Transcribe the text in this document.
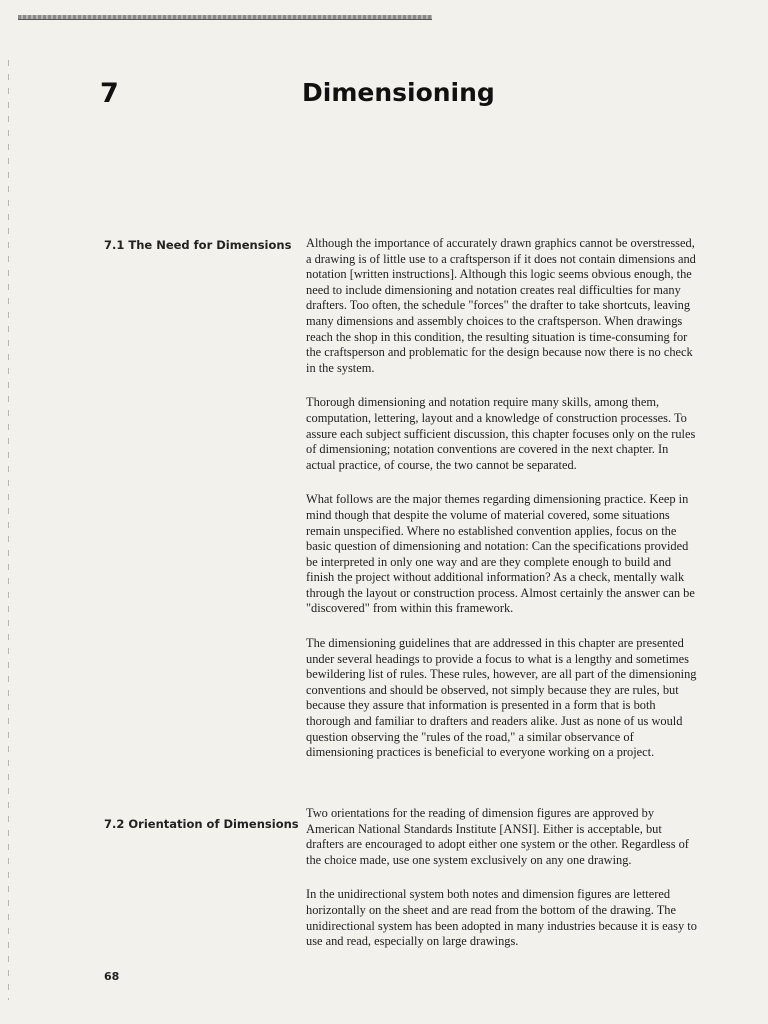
7	Dimensioning
7.1 The Need for Dimensions Although the importance of accurately drawn graphics cannot be overstressed, a drawing is of little use to a craftsperson if it does not contain dimensions and notation [written instructions]. Although this logic seems obvious enough, the need to include dimensioning and notation creates real difficulties for many drafters. Too often, the schedule "forces" the drafter to take shortcuts, leaving many dimensions and assembly choices to the craftsperson. When drawings reach the shop in this condition, the resulting situation is time-consuming for the craftsperson and problematic for the design because now there is no check in the system.

Thorough dimensioning and notation require many skills, among them, computation, lettering, layout and a knowledge of construction processes. To assure each subject sufficient discussion, this chapter focuses only on the rules of dimensioning; notation conventions are covered in the next chapter. In actual practice, of course, the two cannot be separated.

What follows are the major themes regarding dimensioning practice. Keep in mind though that despite the volume of material covered, some situations remain unspecified. Where no established convention applies, focus on the basic question of dimensioning and notation: Can the specifications provided be interpreted in only one way and are they complete enough to build and finish the project without additional information? As a check, mentally walk through the layout or construction process. Almost certainly the answer can be "discovered" from within this framework.

The dimensioning guidelines that are addressed in this chapter are presented under several headings to provide a focus to what is a lengthy and sometimes bewildering list of rules. These rules, however, are all part of the dimensioning conventions and should be observed, not simply because they are rules, but because they assure that information is presented in a form that is both thorough and familiar to drafters and readers alike. Just as none of us would question observing the "rules of the road," a similar observance of dimensioning practices is beneficial to everyone working on a project.

7.2 Orientation of Dimensions

Two orientations for the reading of dimension figures are approved by American National Standards Institute [ANSI]. Either is acceptable, but drafters are encouraged to adopt either one system or the other. Regardless of the choice made, use one system exclusively on any one drawing.

In the unidirectional system both notes and dimension figures are lettered horizontally on the sheet and are read from the bottom of the drawing. The unidirectional system has been adopted in many industries because it is easy to use and read, especially on large drawings.

68
